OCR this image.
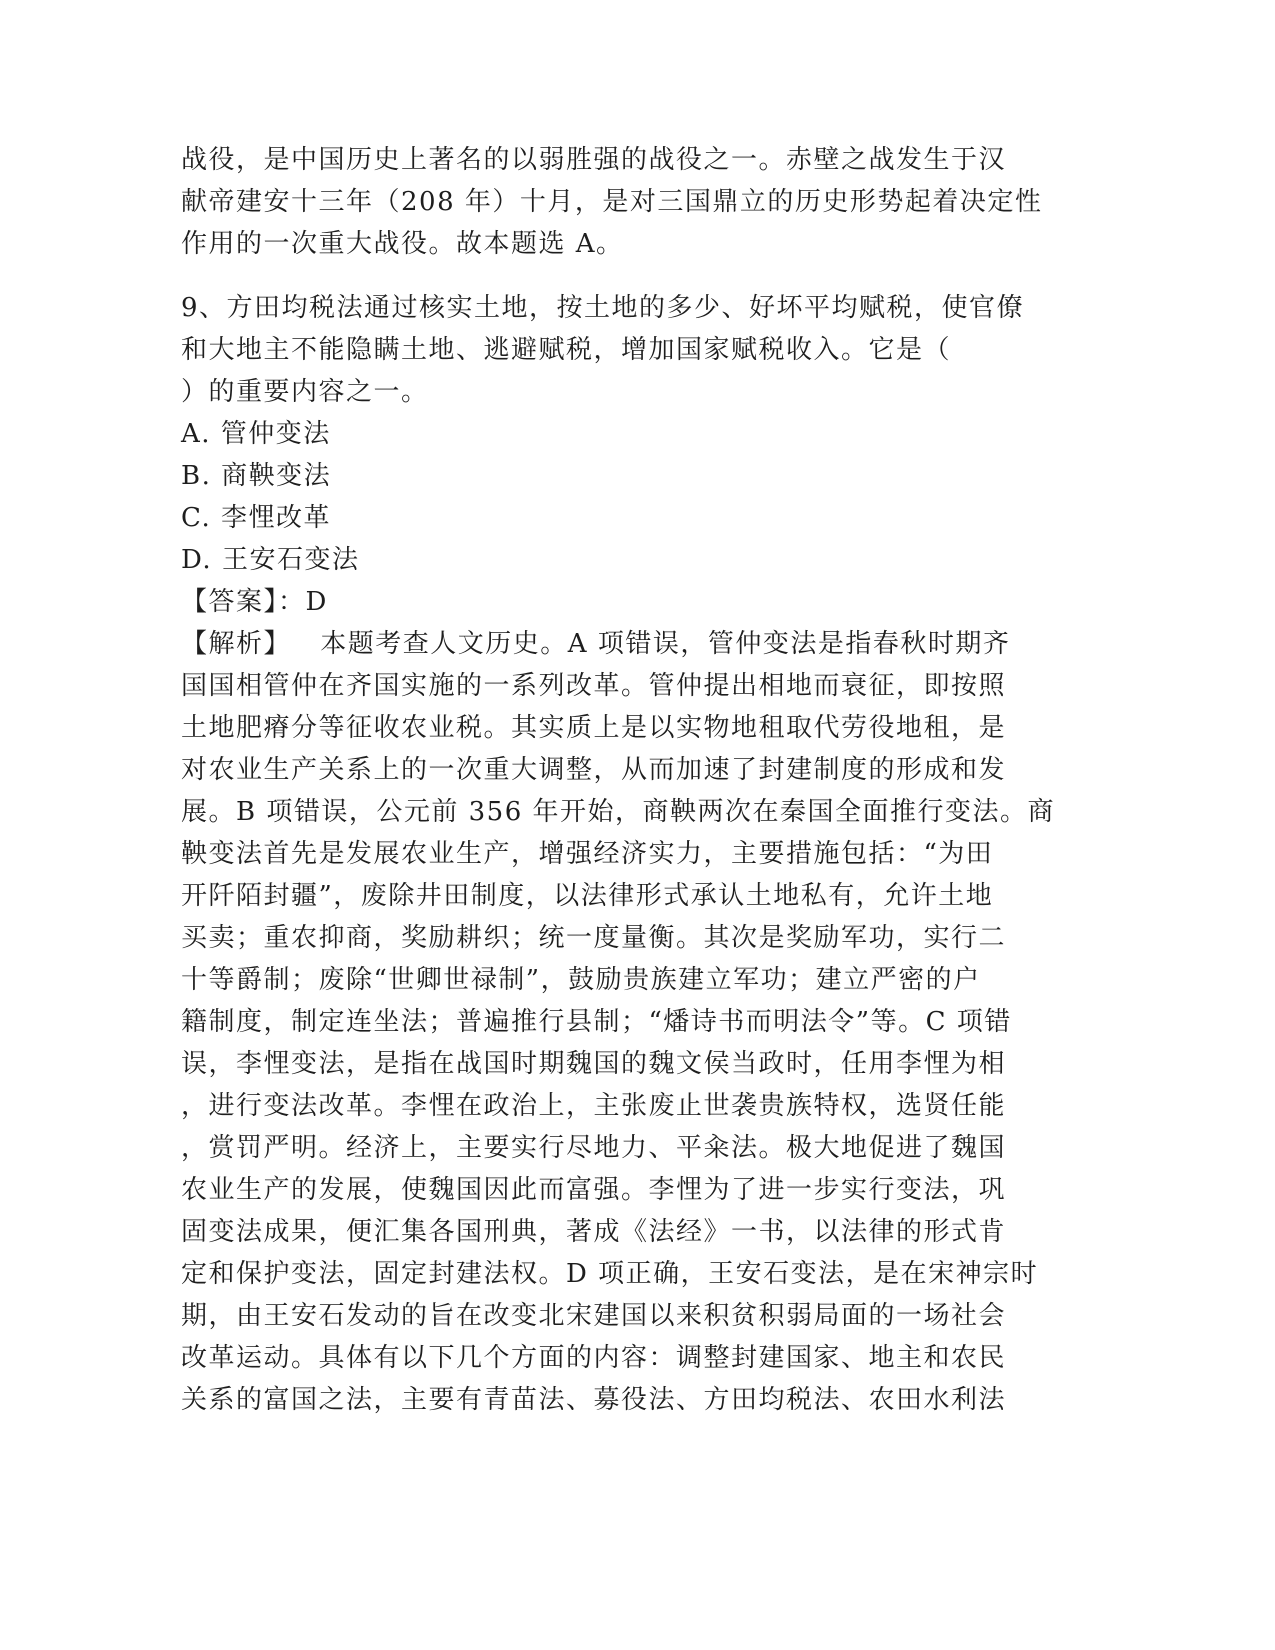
战役，是中国历史上著名的以弱胜强的战役之一。赤壁之战发生于汉
献帝建安十三年（208 年）十月，是对三国鼎立的历史形势起着决定性
作用的一次重大战役。故本题选 A。
9、方田均税法通过核实土地，按土地的多少、好坏平均赋税，使官僚
和大地主不能隐瞒土地、逃避赋税，增加国家赋税收入。它是（
）的重要内容之一。
A. 管仲变法
B. 商鞅变法
C. 李悝改革
D. 王安石变法
【答案】：D
【解析】   本题考查人文历史。A 项错误，管仲变法是指春秋时期齐
国国相管仲在齐国实施的一系列改革。管仲提出相地而衰征，即按照
土地肥瘠分等征收农业税。其实质上是以实物地租取代劳役地租，是
对农业生产关系上的一次重大调整，从而加速了封建制度的形成和发
展。B 项错误，公元前 356 年开始，商鞅两次在秦国全面推行变法。商
鞅变法首先是发展农业生产，增强经济实力，主要措施包括：“为田
开阡陌封疆”，废除井田制度，以法律形式承认土地私有，允许土地
买卖；重农抑商，奖励耕织；统一度量衡。其次是奖励军功，实行二
十等爵制；废除“世卿世禄制”，鼓励贵族建立军功；建立严密的户
籍制度，制定连坐法；普遍推行县制；“燔诗书而明法令”等。C 项错
误，李悝变法，是指在战国时期魏国的魏文侯当政时，任用李悝为相
，进行变法改革。李悝在政治上，主张废止世袭贵族特权，选贤任能
，赏罚严明。经济上，主要实行尽地力、平籴法。极大地促进了魏国
农业生产的发展，使魏国因此而富强。李悝为了进一步实行变法，巩
固变法成果，便汇集各国刑典，著成《法经》一书，以法律的形式肯
定和保护变法，固定封建法权。D 项正确，王安石变法，是在宋神宗时
期，由王安石发动的旨在改变北宋建国以来积贫积弱局面的一场社会
改革运动。具体有以下几个方面的内容：调整封建国家、地主和农民
关系的富国之法，主要有青苗法、募役法、方田均税法、农田水利法
